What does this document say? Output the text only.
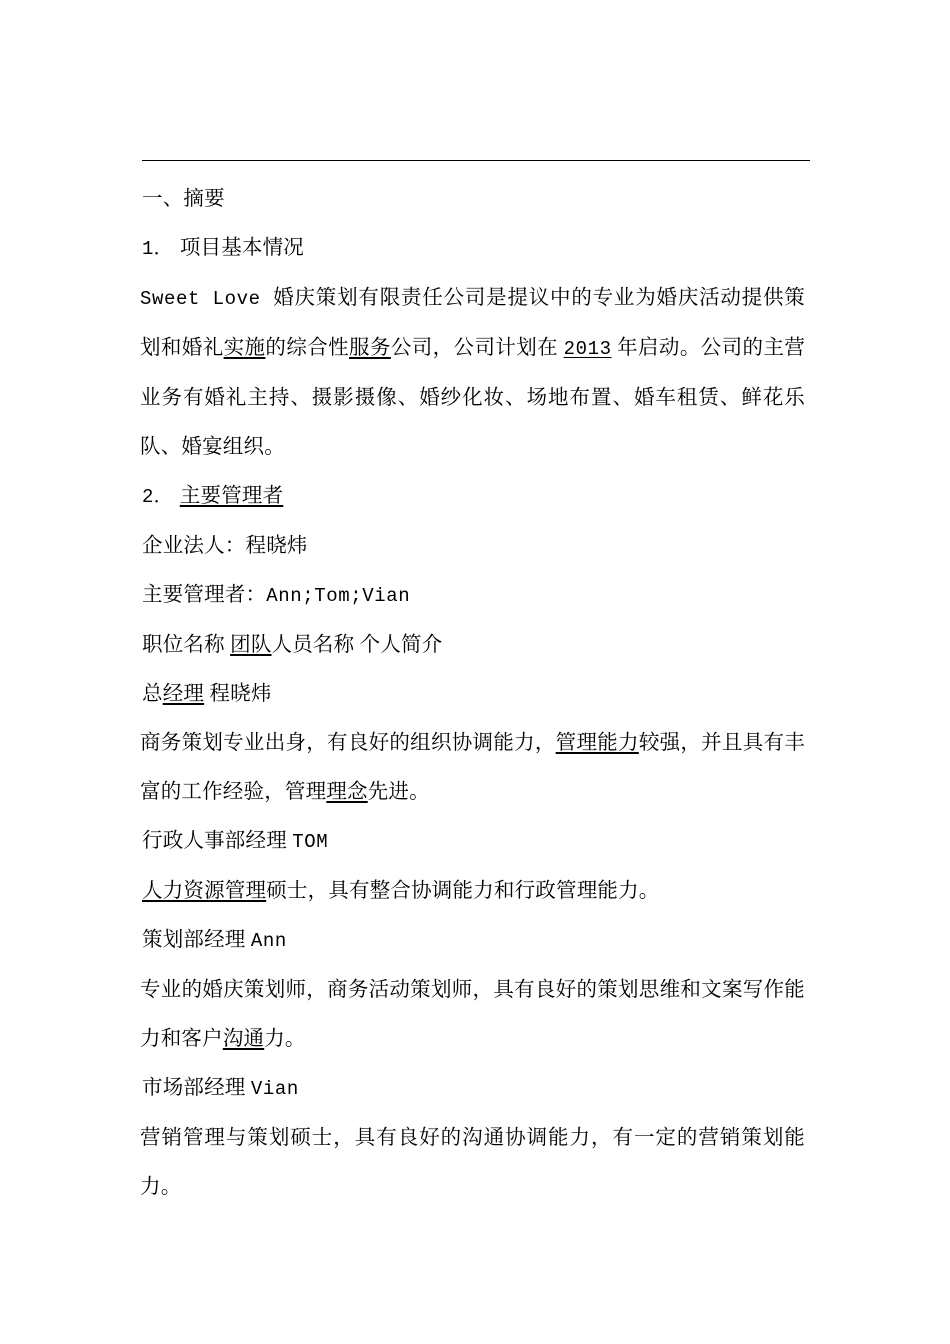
一、摘要

1． 项目基本情况

Sweet Love 婚庆策划有限责任公司是提议中的专业为婚庆活动提供策划和婚礼实施的综合性服务公司，公司计划在 2013 年启动。公司的主营业务有婚礼主持、摄影摄像、婚纱化妆、场地布置、婚车租赁、鲜花乐队、婚宴组织。

2． 主要管理者

企业法人：程晓炜

主要管理者：Ann;Tom;Vian

职位名称 团队人员名称 个人简介

总经理 程晓炜

商务策划专业出身，有良好的组织协调能力，管理能力较强，并且具有丰富的工作经验，管理理念先进。

行政人事部经理 TOM

人力资源管理硕士，具有整合协调能力和行政管理能力。

策划部经理 Ann

专业的婚庆策划师，商务活动策划师，具有良好的策划思维和文案写作能力和客户沟通力。

市场部经理 Vian

营销管理与策划硕士，具有良好的沟通协调能力，有一定的营销策划能力。
